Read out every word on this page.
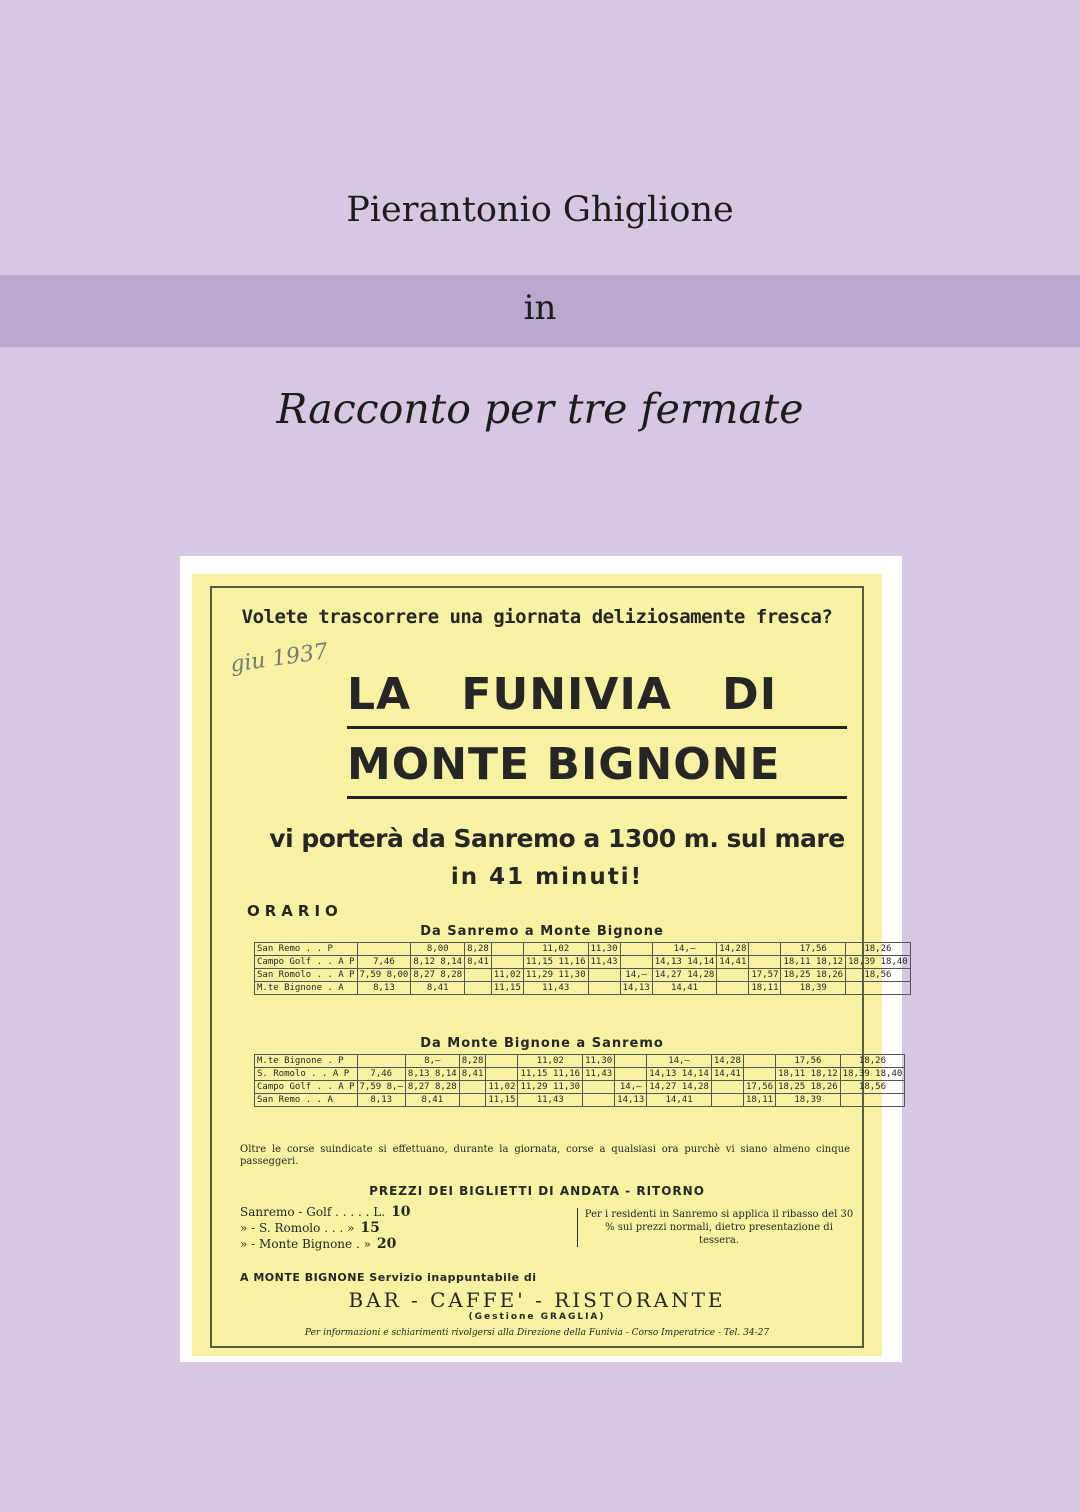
Pierantonio Ghiglione
in
Racconto per tre fermate
Volete trascorrere una giornata deliziosamente fresca?
giu 1937
LA FUNIVIA DI
MONTE BIGNONE
vi porterà da Sanremo a 1300 m. sul mare
in 41 minuti!
ORARIO
Da Sanremo a Monte Bignone
San Remo . . P		8,00	8,28		11,02	11,30		14,—	14,28		17,56	18,26
Campo Golf . . A P	7,46	8,12 8,14	8,41		11,15 11,16	11,43		14,13 14,14	14,41		18,11 18,12	18,39 18,40
San Romolo . . A P	7,59 8,00	8,27 8,28		11,02	11,29 11,30		14,—	14,27 14,28		17,57	18,25 18,26	18,56
M.te Bignone . A	8,13	8,41		11,15	11,43		14,13	14,41		18,11	18,39	
Da Monte Bignone a Sanremo
M.te Bignone . P		8,—	8,28		11,02	11,30		14,—	14,28		17,56	18,26
S. Romolo . . A P	7,46	8,13 8,14	8,41		11,15 11,16	11,43		14,13 14,14	14,41		18,11 18,12	18,39 18,40
Campo Golf . . A P	7,59 8,—	8,27 8,28		11,02	11,29 11,30		14,—	14,27 14,28		17,56	18,25 18,26	18,56
San Remo . . A	8,13	8,41		11,15	11,43		14,13	14,41		18,11	18,39	
Oltre le corse suindicate si effettuano, durante la giornata, corse a qualsiasi ora purchè vi siano almeno cinque passeggeri.
PREZZI DEI BIGLIETTI DI ANDATA - RITORNO
Sanremo - Golf . . . . . L. 10
» - S. Romolo . . . » 15
» - Monte Bignone . » 20
Per i residenti in Sanremo si applica il ribasso del 30 % sui prezzi normali, dietro presentazione di tessera.
A MONTE BIGNONE Servizio inappuntabile di
BAR - CAFFE' - RISTORANTE
(Gestione GRAGLIA)
Per informazioni e schiarimenti rivolgersi alla Direzione della Funivia - Corso Imperatrice - Tel. 34-27
